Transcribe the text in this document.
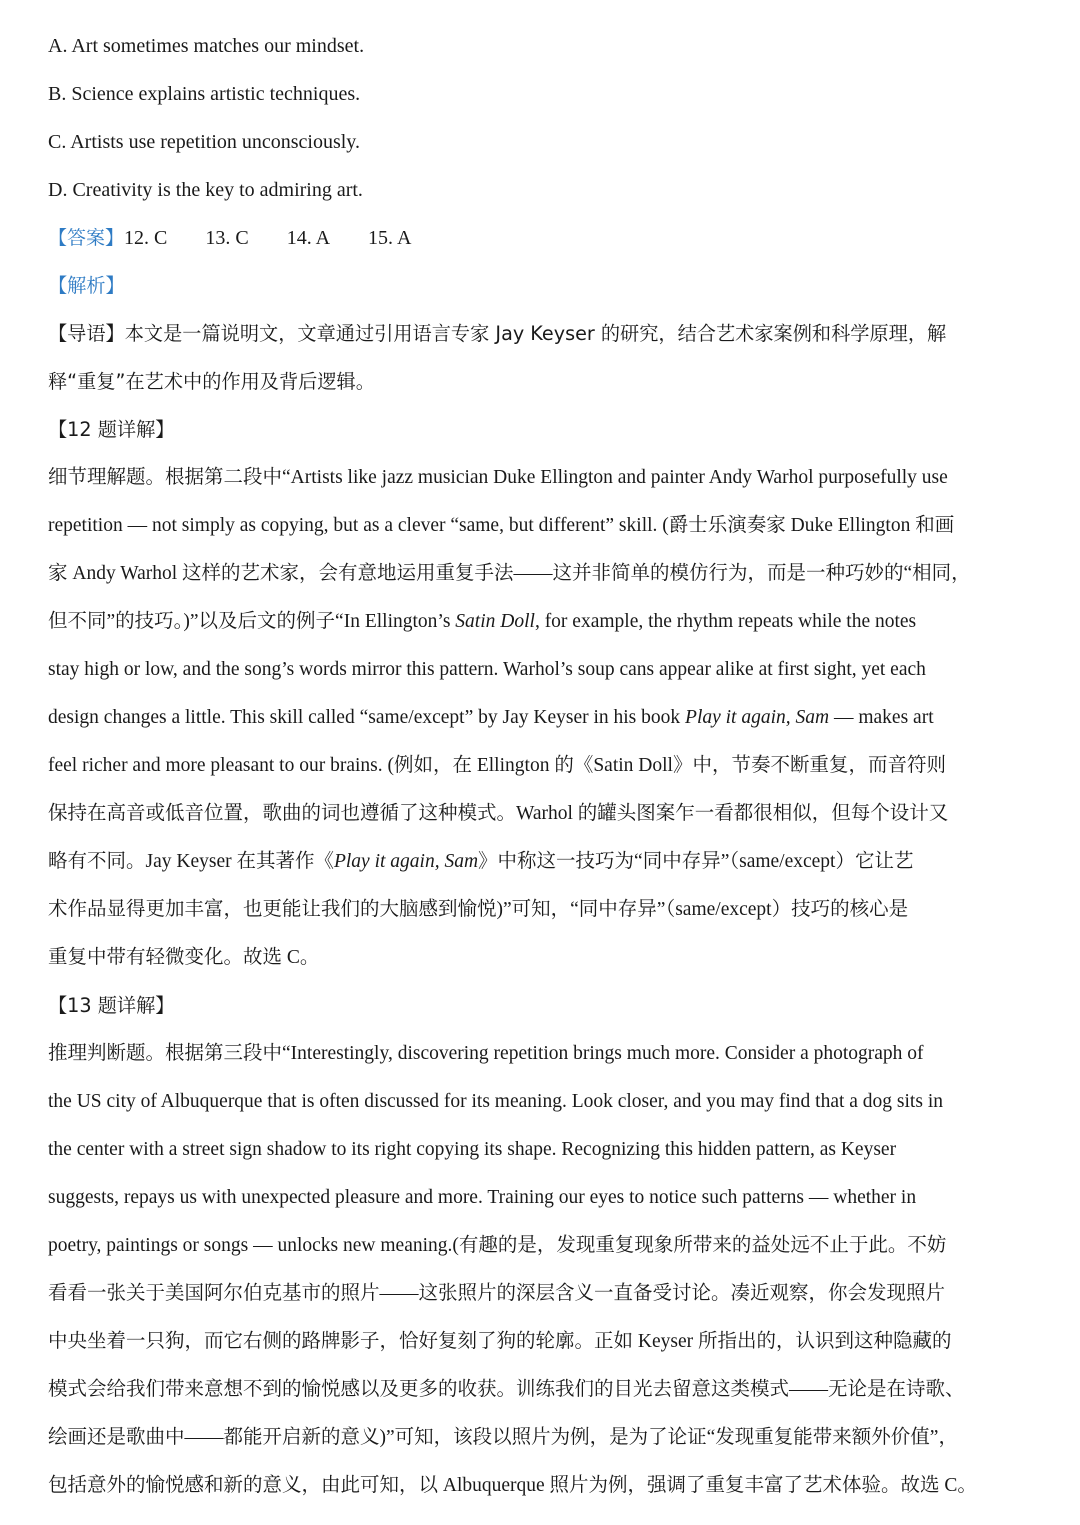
A. Art sometimes matches our mindset.
B. Science explains artistic techniques.
C. Artists use repetition unconsciously.
D. Creativity is the key to admiring art.
【答案】12. C 13. C 14. A 15. A
【解析】
【导语】本文是一篇说明文，文章通过引用语言专家 Jay Keyser 的研究，结合艺术家案例和科学原理，解
释“重复”在艺术中的作用及背后逻辑。
【12 题详解】
细节理解题。根据第二段中“Artists like jazz musician Duke Ellington and painter Andy Warhol purposefully use
repetition — not simply as copying, but as a clever “same, but different” skill. (爵士乐演奏家 Duke Ellington 和画
家 Andy Warhol 这样的艺术家，会有意地运用重复手法——这并非简单的模仿行为，而是一种巧妙的“相同，
但不同”的技巧。)”以及后文的例子“In Ellington’s Satin Doll, for example, the rhythm repeats while the notes
stay high or low, and the song’s words mirror this pattern. Warhol’s soup cans appear alike at first sight, yet each
design changes a little. This skill called “same/except” by Jay Keyser in his book Play it again, Sam — makes art
feel richer and more pleasant to our brains. (例如，在 Ellington 的《Satin Doll》中，节奏不断重复，而音符则
保持在高音或低音位置，歌曲的词也遵循了这种模式。Warhol 的罐头图案乍一看都很相似，但每个设计又
略有不同。Jay Keyser 在其著作《Play it again, Sam》中称这一技巧为“同中存异”（same/except）它让艺
术作品显得更加丰富，也更能让我们的大脑感到愉悦)”可知，“同中存异”（same/except）技巧的核心是
重复中带有轻微变化。故选 C。
【13 题详解】
推理判断题。根据第三段中“Interestingly, discovering repetition brings much more. Consider a photograph of
the US city of Albuquerque that is often discussed for its meaning. Look closer, and you may find that a dog sits in
the center with a street sign shadow to its right copying its shape. Recognizing this hidden pattern, as Keyser
suggests, repays us with unexpected pleasure and more. Training our eyes to notice such patterns — whether in
poetry, paintings or songs — unlocks new meaning.(有趣的是，发现重复现象所带来的益处远不止于此。不妨
看看一张关于美国阿尔伯克基市的照片——这张照片的深层含义一直备受讨论。凑近观察，你会发现照片
中央坐着一只狗，而它右侧的路牌影子，恰好复刻了狗的轮廓。正如 Keyser 所指出的，认识到这种隐藏的
模式会给我们带来意想不到的愉悦感以及更多的收获。训练我们的目光去留意这类模式——无论是在诗歌、
绘画还是歌曲中——都能开启新的意义)”可知，该段以照片为例，是为了论证“发现重复能带来额外价值”，
包括意外的愉悦感和新的意义，由此可知，以 Albuquerque 照片为例，强调了重复丰富了艺术体验。故选 C。
